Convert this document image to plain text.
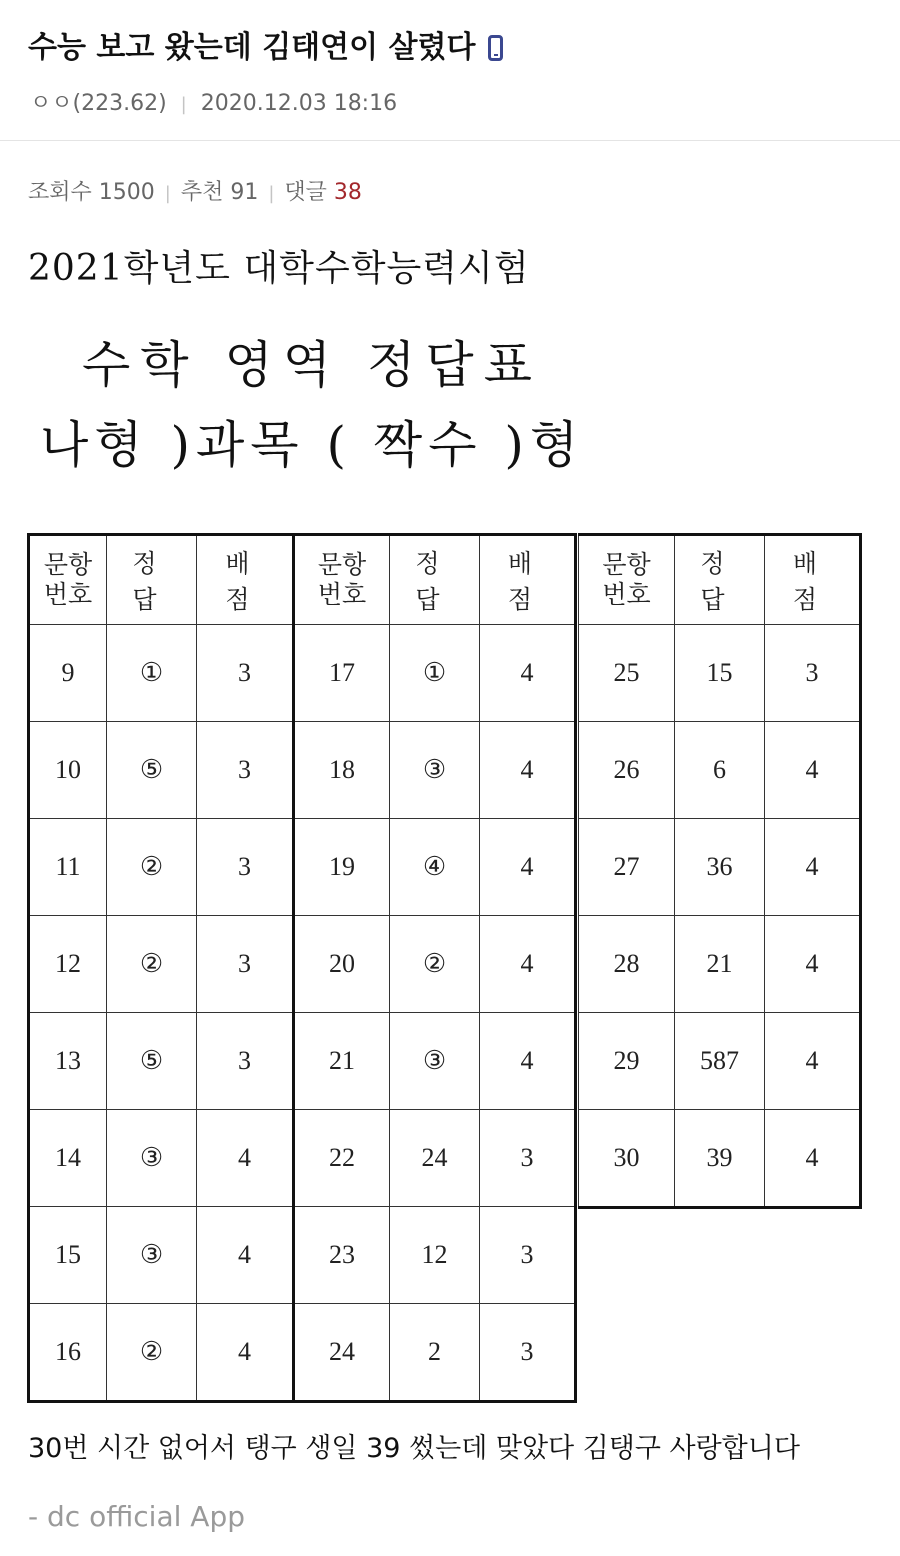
수능 보고 왔는데 김태연이 살렸다
ㅇㅇ(223.62) | 2020.12.03 18:16
조회수 1500 | 추천 91 | 댓글 38
2021학년도 대학수학능력시험
수학 영역 정답표
나형 )과목 ( 짝수 )형
문항
번호	정 답	배 점
9	①	3
10	⑤	3
11	②	3
12	②	3
13	⑤	3
14	③	4
15	③	4
16	②	4
문항
번호	정 답	배 점
17	①	4
18	③	4
19	④	4
20	②	4
21	③	4
22	24	3
23	12	3
24	2	3
문항
번호	정 답	배 점
25	15	3
26	6	4
27	36	4
28	21	4
29	587	4
30	39	4
30번 시간 없어서 탱구 생일 39 썼는데 맞았다 김탱구 사랑합니다
- dc official App
